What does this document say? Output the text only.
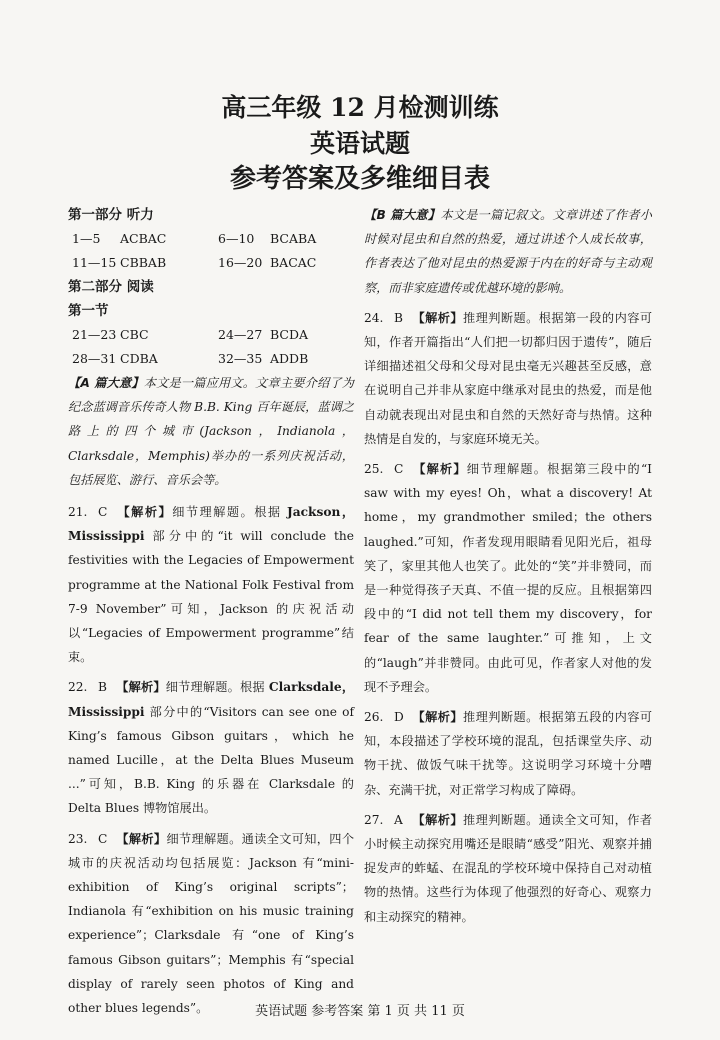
高三年级 12 月检测训练
英语试题
参考答案及多维细目表
第一部分 听力
1—5 ACBAC	6—10 BCABA
11—15 CBBAB	16—20 BACAC
第二部分 阅读
第一节
21—23 CBC	24—27 BCDA
28—31 CDBA	32—35 ADDB

【A 篇大意】本文是一篇应用文。文章主要介绍了为纪念蓝调音乐传奇人物 B.B. King 百年诞辰，蓝调之路上的四个城市(Jackson，Indianola，Clarksdale，Memphis)举办的一系列庆祝活动，包括展览、游行、音乐会等。

21. C 【解析】细节理解题。根据 Jackson，Mississippi 部分中的“it will conclude the festivities with the Legacies of Empowerment programme at the National Folk Festival from 7-9 November”可知，Jackson 的庆祝活动以“Legacies of Empowerment programme”结束。

22. B 【解析】细节理解题。根据 Clarksdale，Mississippi 部分中的“Visitors can see one of King’s famous Gibson guitars，which he named Lucille，at the Delta Blues Museum ...”可知，B.B. King 的乐器在 Clarksdale 的 Delta Blues 博物馆展出。

23. C 【解析】细节理解题。通读全文可知，四个城市的庆祝活动均包括展览：Jackson 有“mini-exhibition of King’s original scripts”；Indianola 有“exhibition on his music training experience”；Clarksdale 有“one of King’s famous Gibson guitars”；Memphis 有“special display of rarely seen photos of King and other blues legends”。

【B 篇大意】本文是一篇记叙文。文章讲述了作者小时候对昆虫和自然的热爱，通过讲述个人成长故事，作者表达了他对昆虫的热爱源于内在的好奇与主动观察，而非家庭遗传或优越环境的影响。

24. B 【解析】推理判断题。根据第一段的内容可知，作者开篇指出“人们把一切都归因于遗传”，随后详细描述祖父母和父母对昆虫毫无兴趣甚至反感，意在说明自己并非从家庭中继承对昆虫的热爱，而是他自动就表现出对昆虫和自然的天然好奇与热情。这种热情是自发的，与家庭环境无关。

25. C 【解析】细节理解题。根据第三段中的“I saw with my eyes! Oh，what a discovery! At home，my grandmother smiled；the others laughed.”可知，作者发现用眼睛看见阳光后，祖母笑了，家里其他人也笑了。此处的“笑”并非赞同，而是一种觉得孩子天真、不值一提的反应。且根据第四段中的“I did not tell them my discovery，for fear of the same laughter.”可推知，上文的“laugh”并非赞同。由此可见，作者家人对他的发现不予理会。

26. D 【解析】推理判断题。根据第五段的内容可知，本段描述了学校环境的混乱，包括课堂失序、动物干扰、做饭气味干扰等。这说明学习环境十分嘈杂、充满干扰，对正常学习构成了障碍。

27. A 【解析】推理判断题。通读全文可知，作者小时候主动探究用嘴还是眼睛“感受”阳光、观察并捕捉发声的蚱蜢、在混乱的学校环境中保持自己对动植物的热情。这些行为体现了他强烈的好奇心、观察力和主动探究的精神。

英语试题 参考答案 第 1 页 共 11 页
